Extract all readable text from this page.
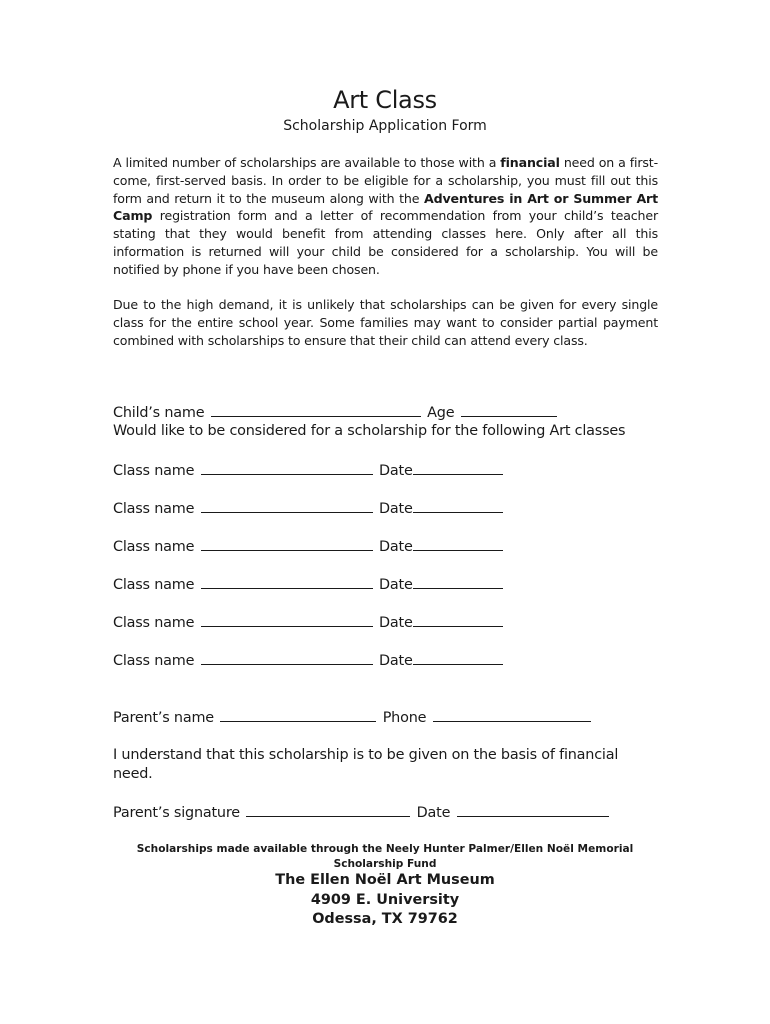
Art Class
Scholarship Application Form
A limited number of scholarships are available to those with a financial need on a first-come, first-served basis. In order to be eligible for a scholarship, you must fill out this form and return it to the museum along with the Adventures in Art or Summer Art Camp registration form and a letter of recommendation from your child’s teacher stating that they would benefit from attending classes here. Only after all this information is returned will your child be considered for a scholarship. You will be notified by phone if you have been chosen.
Due to the high demand, it is unlikely that scholarships can be given for every single class for the entire school year. Some families may want to consider partial payment combined with scholarships to ensure that their child can attend every class.
Child’s name	Age
Would like to be considered for a scholarship for the following Art classes
Class name	Date
Class name	Date
Class name	Date
Class name	Date
Class name	Date
Class name	Date
Parent’s name	Phone
I understand that this scholarship is to be given on the basis of financial need.
Parent’s signature	Date
Scholarships made available through the Neely Hunter Palmer/Ellen Noël Memorial Scholarship Fund
The Ellen Noël Art Museum
4909 E. University
Odessa, TX 79762
